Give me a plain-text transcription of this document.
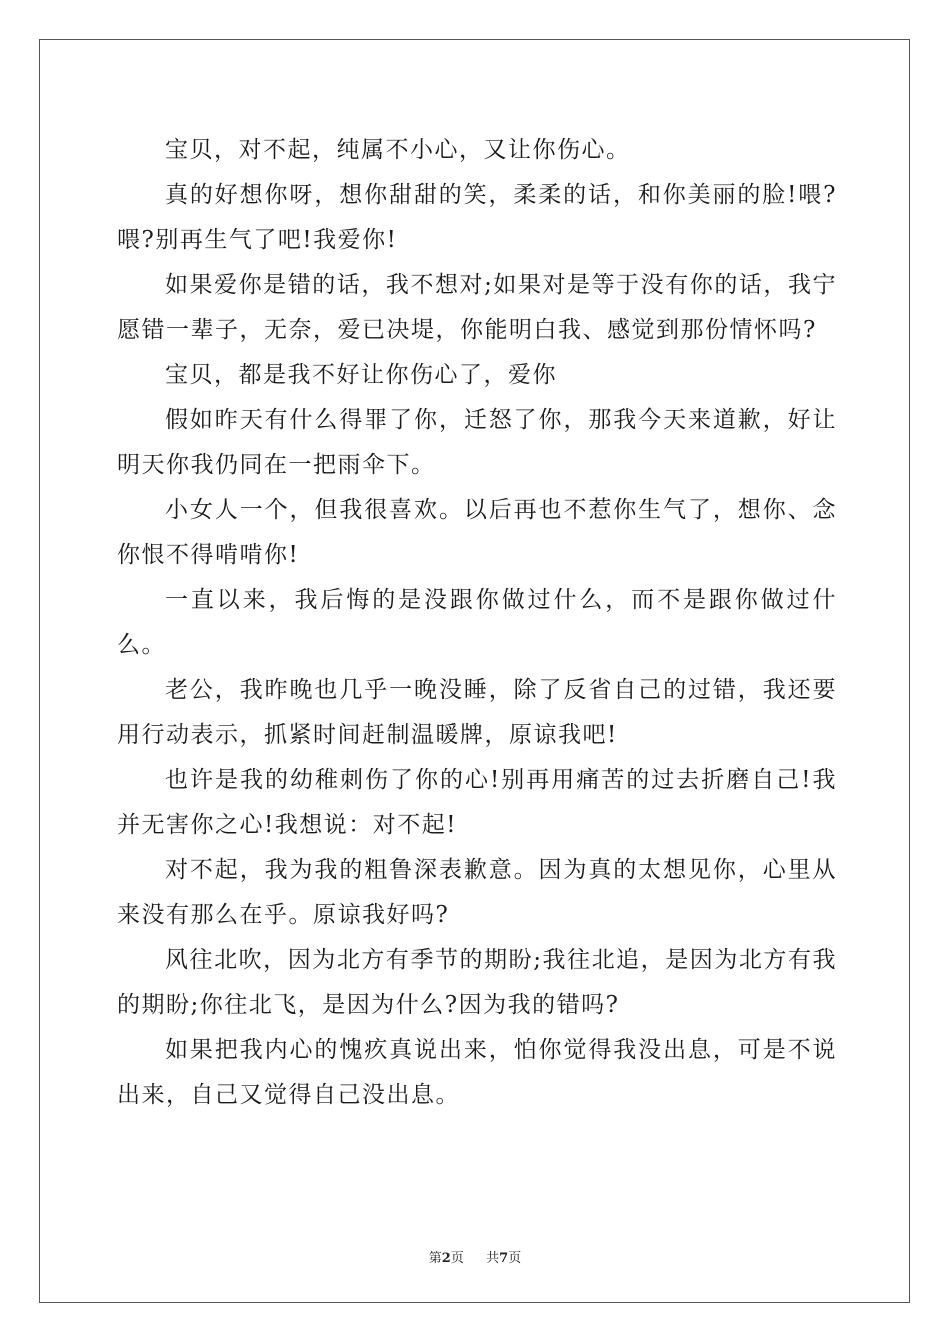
宝贝，对不起，纯属不小心，又让你伤心。

真的好想你呀，想你甜甜的笑，柔柔的话，和你美丽的脸!喂?喂?别再生气了吧!我爱你!

如果爱你是错的话，我不想对;如果对是等于没有你的话，我宁愿错一辈子，无奈，爱已决堤，你能明白我、感觉到那份情怀吗?

宝贝，都是我不好让你伤心了，爱你

假如昨天有什么得罪了你，迁怒了你，那我今天来道歉，好让明天你我仍同在一把雨伞下。

小女人一个，但我很喜欢。以后再也不惹你生气了，想你、念你恨不得啃啃你!

一直以来，我后悔的是没跟你做过什么，而不是跟你做过什么。

老公，我昨晚也几乎一晚没睡，除了反省自己的过错，我还要用行动表示，抓紧时间赶制温暖牌，原谅我吧!

也许是我的幼稚刺伤了你的心!别再用痛苦的过去折磨自己!我并无害你之心!我想说：对不起!

对不起，我为我的粗鲁深表歉意。因为真的太想见你，心里从来没有那么在乎。原谅我好吗?

风往北吹，因为北方有季节的期盼;我往北追，是因为北方有我的期盼;你往北飞，是因为什么?因为我的错吗?

如果把我内心的愧疚真说出来，怕你觉得我没出息，可是不说出来，自己又觉得自己没出息。

第2页 共7页
